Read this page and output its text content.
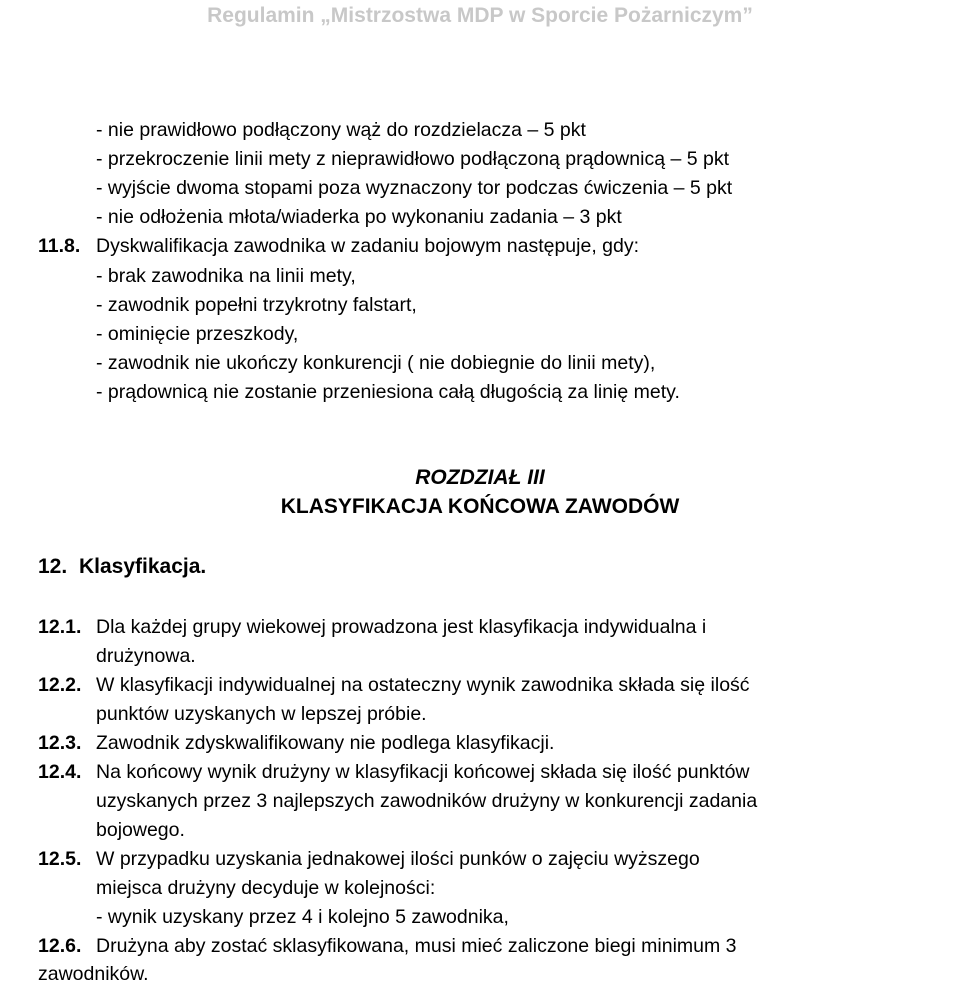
Regulamin „Mistrzostwa MDP w Sporcie Pożarniczym”
- nie prawidłowo podłączony wąż do rozdzielacza – 5 pkt
- przekroczenie linii mety z nieprawidłowo podłączoną prądownicą – 5 pkt
- wyjście dwoma stopami poza wyznaczony tor podczas ćwiczenia – 5 pkt
- nie odłożenia młota/wiaderka po wykonaniu zadania – 3 pkt
11.8. Dyskwalifikacja zawodnika w zadaniu bojowym następuje, gdy:
- brak zawodnika na linii mety,
- zawodnik popełni trzykrotny falstart,
- ominięcie przeszkody,
- zawodnik nie ukończy konkurencji ( nie dobiegnie do linii mety),
- prądownicą nie zostanie przeniesiona całą długością za linię mety.
ROZDZIAŁ III
KLASYFIKACJA KOŃCOWA ZAWODÓW
12. Klasyfikacja.
12.1. Dla każdej grupy wiekowej prowadzona jest klasyfikacja indywidualna i
drużynowa.
12.2. W klasyfikacji indywidualnej na ostateczny wynik zawodnika składa się ilość
punktów uzyskanych w lepszej próbie.
12.3. Zawodnik zdyskwalifikowany nie podlega klasyfikacji.
12.4. Na końcowy wynik drużyny w klasyfikacji końcowej składa się ilość punktów
uzyskanych przez 3 najlepszych zawodników drużyny w konkurencji zadania
bojowego.
12.5. W przypadku uzyskania jednakowej ilości punków o zajęciu wyższego
miejsca drużyny decyduje w kolejności:
- wynik uzyskany przez 4 i kolejno 5 zawodnika,
12.6. Drużyna aby zostać sklasyfikowana, musi mieć zaliczone biegi minimum 3
zawodników.
